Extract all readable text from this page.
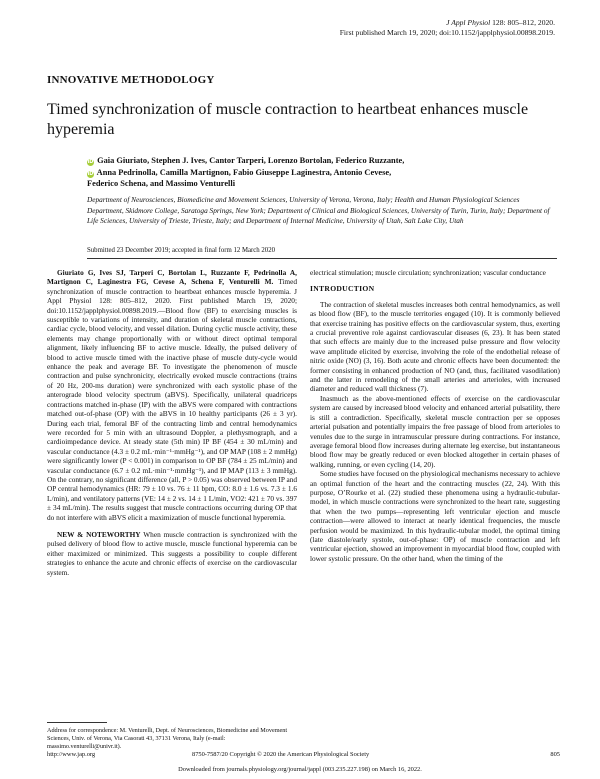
J Appl Physiol 128: 805–812, 2020.
First published March 19, 2020; doi:10.1152/japplphysiol.00898.2019.
INNOVATIVE METHODOLOGY
Timed synchronization of muscle contraction to heartbeat enhances muscle hyperemia
iD Gaia Giuriato, Stephen J. Ives, Cantor Tarperi, Lorenzo Bortolan, Federico Ruzzante,
iD Anna Pedrinolla, Camilla Martignon, Fabio Giuseppe Laginestra, Antonio Cevese,
Federico Schena, and Massimo Venturelli
Department of Neurosciences, Biomedicine and Movement Sciences, University of Verona, Verona, Italy; Health and Human Physiological Sciences Department, Skidmore College, Saratoga Springs, New York; Department of Clinical and Biological Sciences, University of Turin, Turin, Italy; Department of Life Sciences, University of Trieste, Trieste, Italy; and Department of Internal Medicine, University of Utah, Salt Lake City, Utah
Submitted 23 December 2019; accepted in final form 12 March 2020

Giuriato G, Ives SJ, Tarperi C, Bortolan L, Ruzzante F, Pedrinolla A, Martignon C, Laginestra FG, Cevese A, Schena F, Venturelli M. Timed synchronization of muscle contraction to heartbeat enhances muscle hyperemia. J Appl Physiol 128: 805–812, 2020. First published March 19, 2020; doi:10.1152/japplphysiol.00898.2019.—Blood flow (BF) to exercising muscles is susceptible to variations of intensity, and duration of skeletal muscle contractions, cardiac cycle, blood velocity, and vessel dilation. During cyclic muscle activity, these elements may change proportionally with or without direct optimal temporal alignment, likely influencing BF to active muscle. Ideally, the pulsed delivery of blood to active muscle timed with the inactive phase of muscle duty-cycle would enhance the peak and average BF. To investigate the phenomenon of muscle contraction and pulse synchronicity, electrically evoked muscle contractions (trains of 20 Hz, 200-ms duration) were synchronized with each systolic phase of the anterograde blood velocity spectrum (aBVS). Specifically, unilateral quadriceps contractions matched in-phase (IP) with the aBVS were compared with contractions matched out-of-phase (OP) with the aBVS in 10 healthy participants (26 ± 3 yr). During each trial, femoral BF of the contracting limb and central hemodynamics were recorded for 5 min with an ultrasound Doppler, a plethysmograph, and a cardioimpedance device. At steady state (5th min) IP BF (454 ± 30 mL/min) and vascular conductance (4.3 ± 0.2 mL·min⁻¹·mmHg⁻¹), and OP MAP (108 ± 2 mmHg) were significantly lower (P < 0.001) in comparison to OP BF (784 ± 25 mL/min) and vascular conductance (6.7 ± 0.2 mL·min⁻¹·mmHg⁻¹), and IP MAP (113 ± 3 mmHg). On the contrary, no significant difference (all, P > 0.05) was observed between IP and OP central hemodynamics (HR: 79 ± 10 vs. 76 ± 11 bpm, CO: 8.0 ± 1.6 vs. 7.3 ± 1.6 L/min), and ventilatory patterns (VE: 14 ± 2 vs. 14 ± 1 L/min, VO2: 421 ± 70 vs. 397 ± 34 mL/min). The results suggest that muscle contractions occurring during OP that do not interfere with aBVS elicit a maximization of muscle functional hyperemia.

NEW & NOTEWORTHY When muscle contraction is synchronized with the pulsed delivery of blood flow to active muscle, muscle functional hyperemia can be either maximized or minimized. This suggests a possibility to couple different strategies to enhance the acute and chronic effects of exercise on the cardiovascular system.

electrical stimulation; muscle circulation; synchronization; vascular conductance

INTRODUCTION

The contraction of skeletal muscles increases both central hemodynamics, as well as blood flow (BF), to the muscle territories engaged (10). It is commonly believed that exercise training has positive effects on the cardiovascular system, thus, exerting a crucial preventive role against cardiovascular diseases (6, 23). It has been stated that such effects are mainly due to the increased pulse pressure and flow velocity wave amplitude elicited by exercise, involving the role of the endothelial release of nitric oxide (NO) (3, 16). Both acute and chronic effects have been documented: the former consisting in enhanced production of NO (and, thus, facilitated vasodilation) and the latter in remodeling of the small arteries and arterioles, with increased diameter and reduced wall thickness (7).

Inasmuch as the above-mentioned effects of exercise on the cardiovascular system are caused by increased blood velocity and enhanced arterial pulsatility, there is still a contradiction. Specifically, skeletal muscle contraction per se opposes arterial pulsation and potentially impairs the free passage of blood from arterioles to venules due to the surge in intramuscular pressure during contractions. For instance, average femoral blood flow increases during alternate leg exercise, but instantaneous blood flow may be greatly reduced or even blocked altogether in certain phases of walking, running, or even cycling (14, 20).

Some studies have focused on the physiological mechanisms necessary to achieve an optimal function of the heart and the contracting muscles (22, 24). With this purpose, O’Rourke et al. (22) studied these phenomena using a hydraulic-tubular-model, in which muscle contractions were synchronized to the heart rate, suggesting that when the two pumps—representing left ventricular ejection and muscle contraction—were allowed to interact at nearly identical frequencies, the muscle perfusion would be maximized. In this hydraulic-tubular model, the optimal timing (late diastole/early systole, out-of-phase: OP) of muscle contraction and left ventricular ejection, showed an improvement in myocardial blood flow, coupled with lower systolic pressure. On the other hand, when the timing of the

Address for correspondence: M. Venturelli, Dept. of Neurosciences, Biomedicine and Movement Sciences, Univ. of Verona, Via Casorati 43, 37131 Verona, Italy (e-mail: massimo.venturelli@univr.it).
http://www.jap.org	8750-7587/20 Copyright © 2020 the American Physiological Society	805
Downloaded from journals.physiology.org/journal/jappl (003.235.227.198) on March 16, 2022.
